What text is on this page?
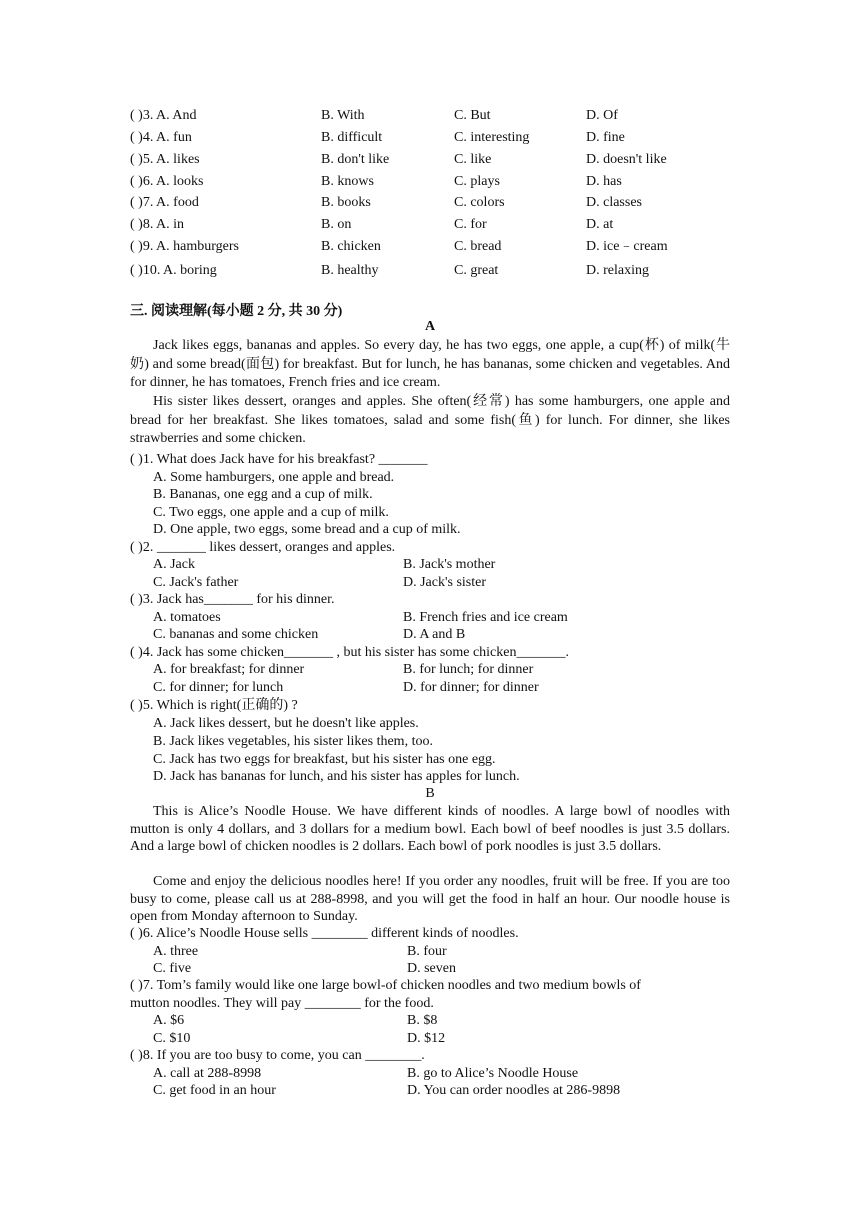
( )3. A. And	B. With	C. But	D. Of
( )4. A. fun	B. difficult	C. interesting	D. fine
( )5. A. likes	B. don't like	C. like	D. doesn't like
( )6. A. looks	B. knows	C. plays	D. has
( )7. A. food	B. books	C. colors	D. classes
( )8. A. in	B. on	C. for	D. at
( )9. A. hamburgers	B. chicken	C. bread	D. ice﹣cream
( )10. A. boring	B. healthy	C. great	D. relaxing
三. 阅读理解(每小题 2 分, 共 30 分)
A
Jack likes eggs, bananas and apples. So every day, he has two eggs, one apple, a cup(杯) of milk(牛奶) and some bread(面包) for breakfast. But for lunch, he has bananas, some chicken and vegetables. And for dinner, he has tomatoes, French fries and ice cream.
His sister likes dessert, oranges and apples. She often(经常) has some hamburgers, one apple and bread for her breakfast. She likes tomatoes, salad and some fish(鱼) for lunch. For dinner, she likes strawberries and some chicken.
( )1. What does Jack have for his breakfast? _______
A. Some hamburgers, one apple and bread.
B. Bananas, one egg and a cup of milk.
C. Two eggs, one apple and a cup of milk.
D. One apple, two eggs, some bread and a cup of milk.
( )2. _______ likes dessert, oranges and apples.
A. Jack	B. Jack's mother
C. Jack's father	D. Jack's sister
( )3. Jack has_______ for his dinner.
A. tomatoes	B. French fries and ice cream
C. bananas and some chicken	D. A and B
( )4. Jack has some chicken_______ , but his sister has some chicken_______.
A. for breakfast; for dinner	B. for lunch; for dinner
C. for dinner; for lunch	D. for dinner; for dinner
( )5. Which is right(正确的) ?
A. Jack likes dessert, but he doesn't like apples.
B. Jack likes vegetables, his sister likes them, too.
C. Jack has two eggs for breakfast, but his sister has one egg.
D. Jack has bananas for lunch, and his sister has apples for lunch.
B
This is Alice’s Noodle House. We have different kinds of noodles. A large bowl of noodles with mutton is only 4 dollars, and 3 dollars for a medium bowl. Each bowl of beef noodles is just 3.5 dollars. And a large bowl of chicken noodles is 2 dollars. Each bowl of pork noodles is just 3.5 dollars.
Come and enjoy the delicious noodles here! If you order any noodles, fruit will be free. If you are too busy to come, please call us at 288-8998, and you will get the food in half an hour. Our noodle house is open from Monday afternoon to Sunday.
( )6. Alice’s Noodle House sells ________ different kinds of noodles.
A. three	B. four
C. five	D. seven
( )7. Tom’s family would like one large bowl-of chicken noodles and two medium bowls of
mutton noodles. They will pay ________ for the food.
A. $6	B. $8
C. $10	D. $12
( )8. If you are too busy to come, you can ________.
A. call at 288-8998	B. go to Alice’s Noodle House
C. get food in an hour	D. You can order noodles at 286-9898
